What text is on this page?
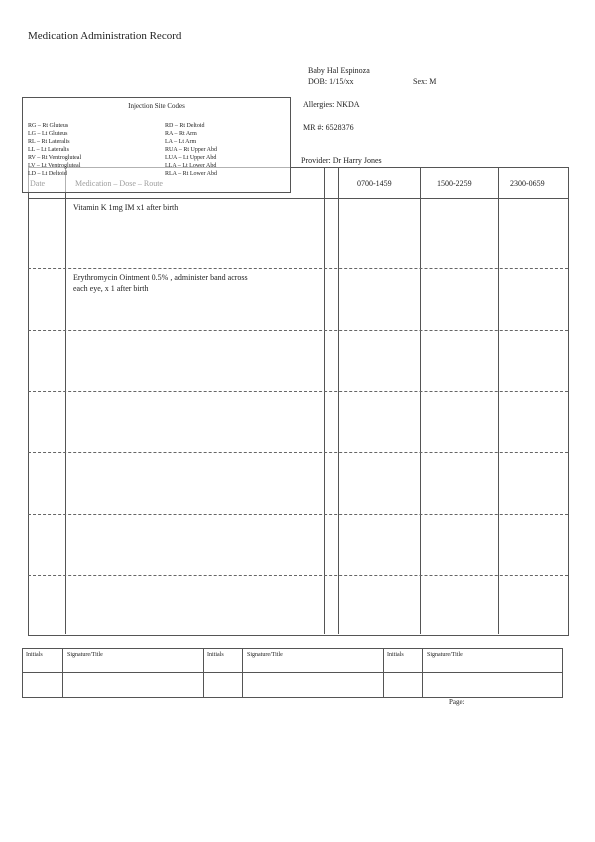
Medication Administration Record
Baby Hal Espinoza
DOB: 1/15/xx	Sex: M
Allergies: NKDA
MR #: 6528376
Provider: Dr Harry Jones
0700-1459	1500-2259	2300-0659
Vitamin K 1mg IM x1 after birth
Erythromycin Ointment 0.5% , administer band across
each eye, x 1 after birth
Injection Site Codes
RG – Rt Gluteus
LG – Lt Gluteus
RL – Rt Lateralis
LL – Lt Lateralis
RV – Rt Ventrogluteal
LV – Lt Ventrogluteal
LD – Lt Deltoid
RD – Rt Deltoid
RA – Rt Arm
LA – Lt Arm
RUA – Rt Upper Abd
LUA – Lt Upper Abd
LLA – Lt Lower Abd
RLA – Rt Lower Abd
Initials	Signature/Title	Initials	Signature/Title	Initials	Signature/Title
Page:
